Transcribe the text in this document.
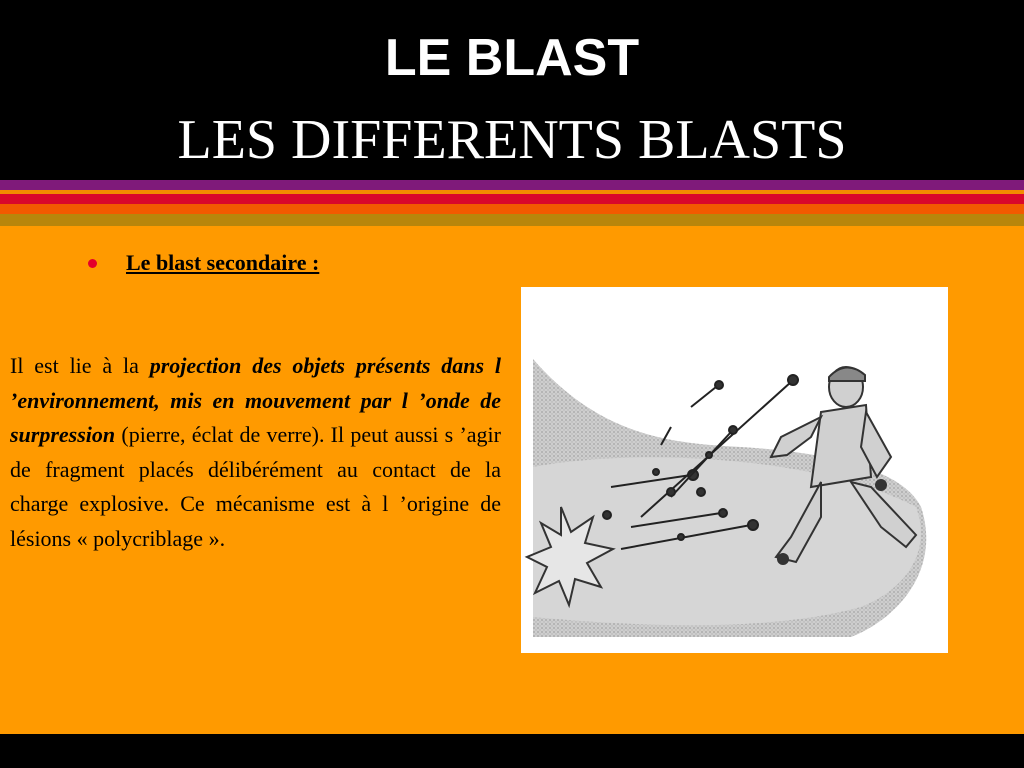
LE BLAST
LES DIFFERENTS BLASTS
Le blast secondaire :
Il est lie à la projection des objets présents dans l ’environnement, mis en mouvement par l ’onde de surpression (pierre, éclat de verre). Il peut aussi s ’agir de fragment placés délibérément au contact de la charge explosive. Ce mécanisme est à l ’origine de lésions « polycriblage ».
